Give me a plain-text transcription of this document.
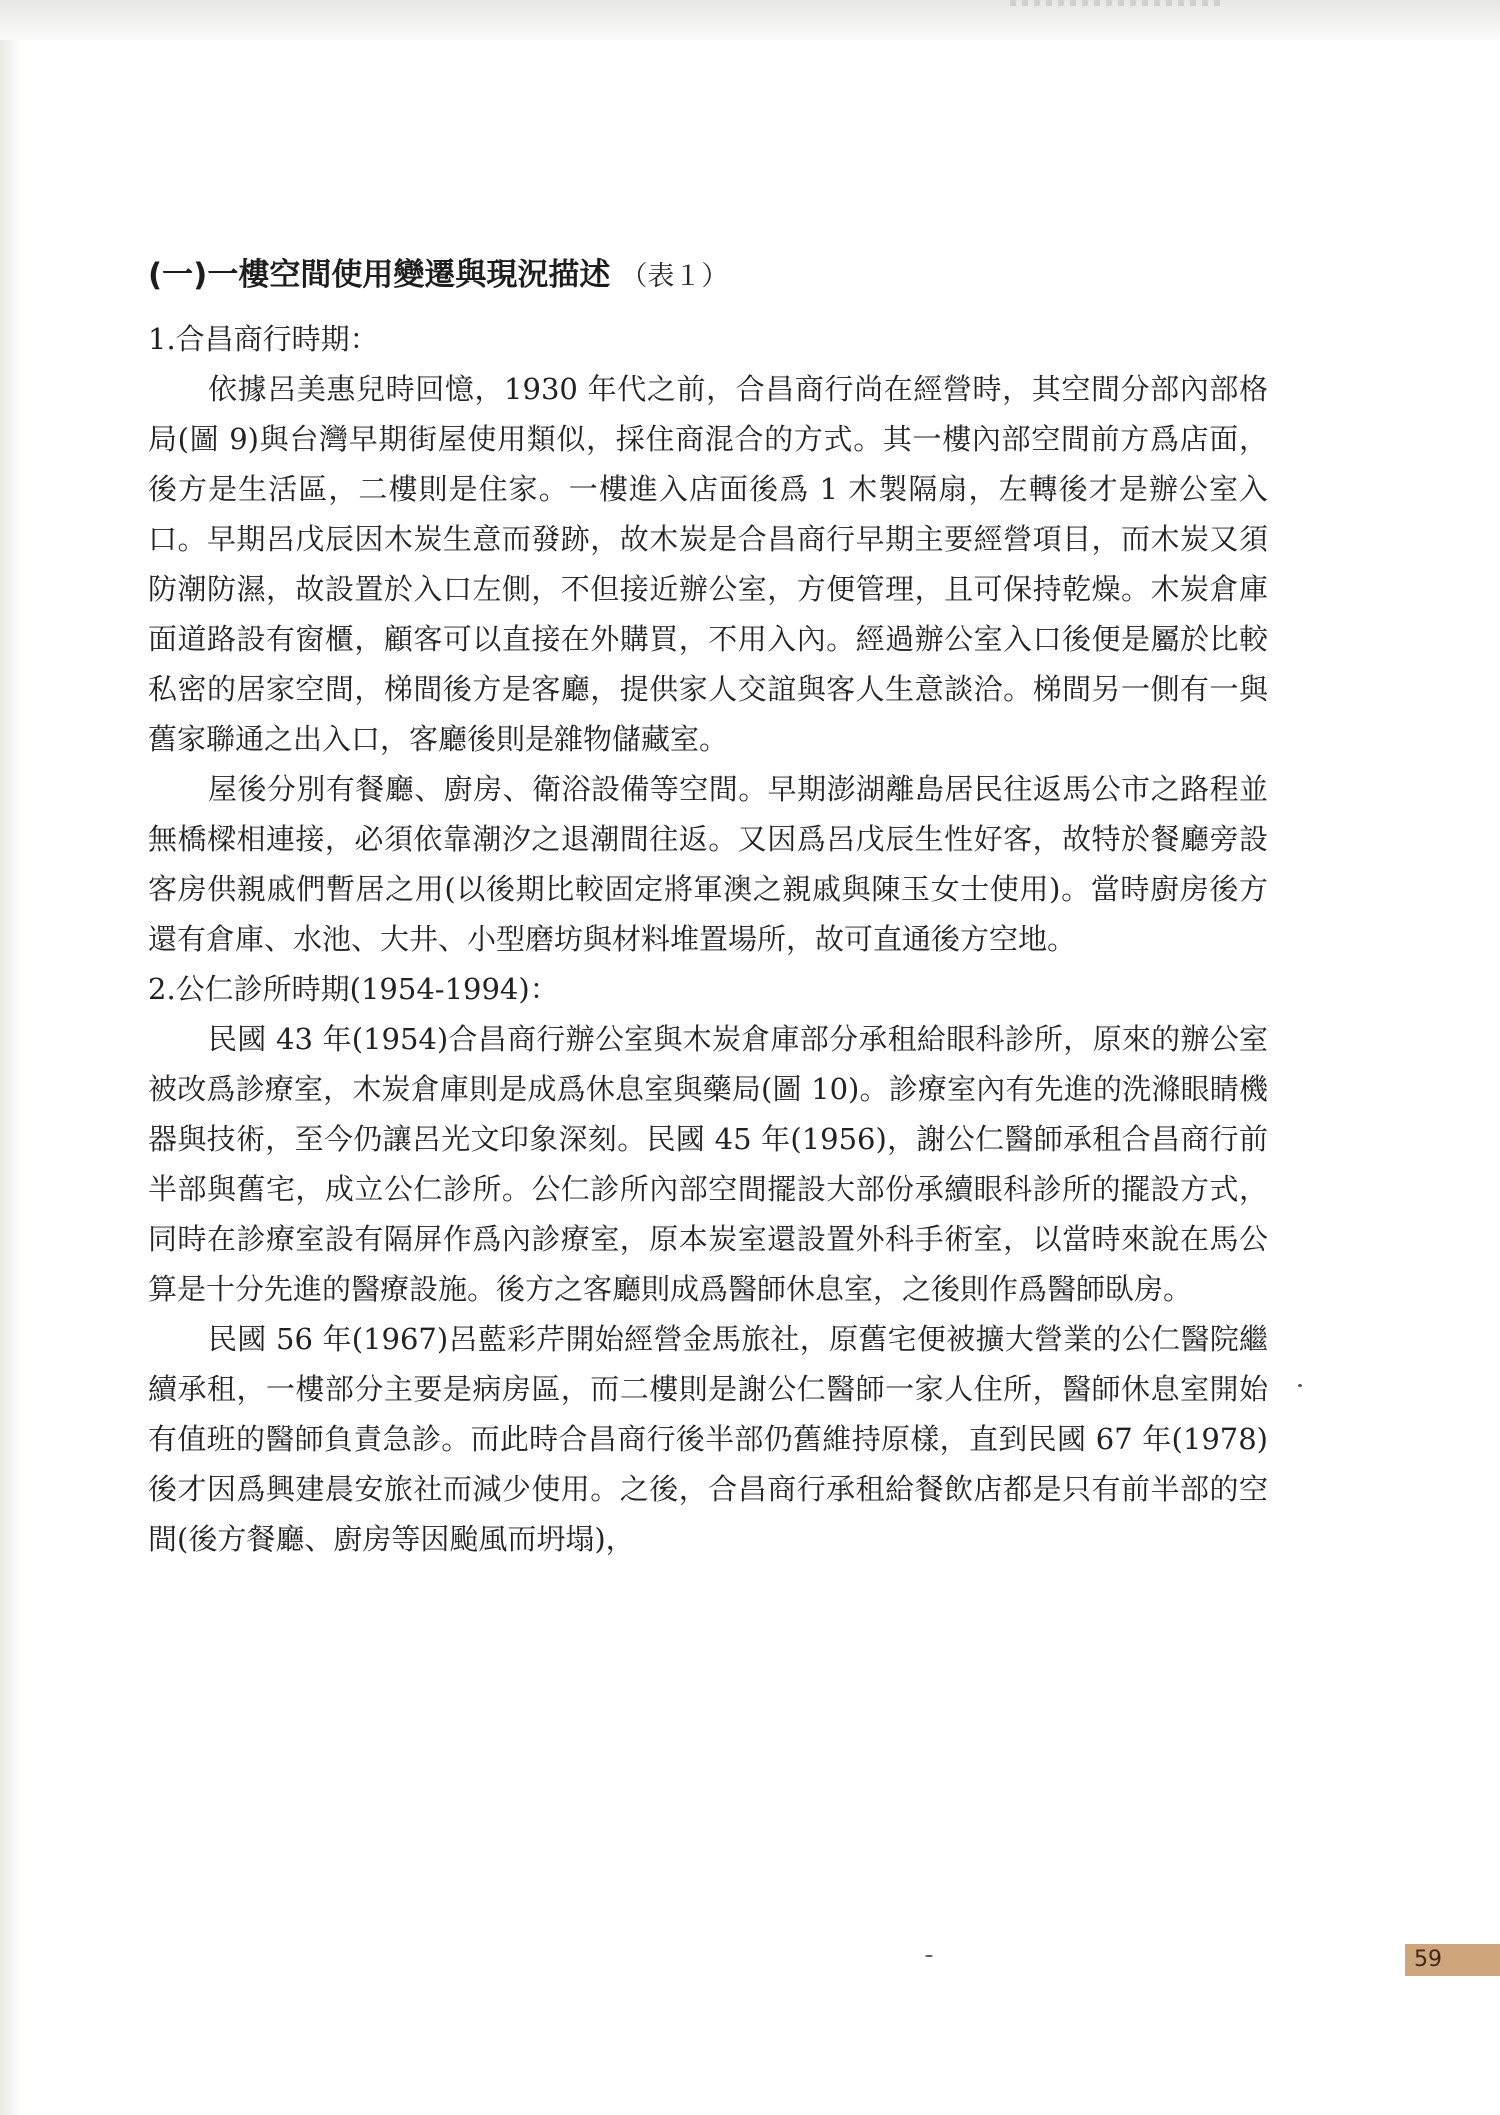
(一)一樓空間使用變遷與現況描述 （表１）
1.合昌商行時期：

依據呂美惠兒時回憶，1930 年代之前，合昌商行尚在經營時，其空間分部內部格局(圖 9)與台灣早期街屋使用類似，採住商混合的方式。其一樓內部空間前方爲店面，後方是生活區，二樓則是住家。一樓進入店面後爲 1 木製隔扇，左轉後才是辦公室入口。早期呂戊辰因木炭生意而發跡，故木炭是合昌商行早期主要經營項目，而木炭又須防潮防濕，故設置於入口左側，不但接近辦公室，方便管理，且可保持乾燥。木炭倉庫面道路設有窗櫃，顧客可以直接在外購買，不用入內。經過辦公室入口後便是屬於比較私密的居家空間，梯間後方是客廳，提供家人交誼與客人生意談洽。梯間另一側有一與舊家聯通之出入口，客廳後則是雜物儲藏室。

屋後分別有餐廳、廚房、衛浴設備等空間。早期澎湖離島居民往返馬公市之路程並無橋樑相連接，必須依靠潮汐之退潮間往返。又因爲呂戊辰生性好客，故特於餐廳旁設客房供親戚們暫居之用(以後期比較固定將軍澳之親戚與陳玉女士使用)。當時廚房後方還有倉庫、水池、大井、小型磨坊與材料堆置場所，故可直通後方空地。

2.公仁診所時期(1954-1994)：

民國 43 年(1954)合昌商行辦公室與木炭倉庫部分承租給眼科診所，原來的辦公室被改爲診療室，木炭倉庫則是成爲休息室與藥局(圖 10)。診療室內有先進的洗滌眼睛機器與技術，至今仍讓呂光文印象深刻。民國 45 年(1956)，謝公仁醫師承租合昌商行前半部與舊宅，成立公仁診所。公仁診所內部空間擺設大部份承續眼科診所的擺設方式，同時在診療室設有隔屏作爲內診療室，原本炭室還設置外科手術室，以當時來說在馬公算是十分先進的醫療設施。後方之客廳則成爲醫師休息室，之後則作爲醫師臥房。

民國 56 年(1967)呂藍彩芹開始經營金馬旅社，原舊宅便被擴大營業的公仁醫院繼續承租，一樓部分主要是病房區，而二樓則是謝公仁醫師一家人住所，醫師休息室開始有值班的醫師負責急診。而此時合昌商行後半部仍舊維持原樣，直到民國 67 年(1978)後才因爲興建晨安旅社而減少使用。之後，合昌商行承租給餐飲店都是只有前半部的空間(後方餐廳、廚房等因颱風而坍塌)，

59
